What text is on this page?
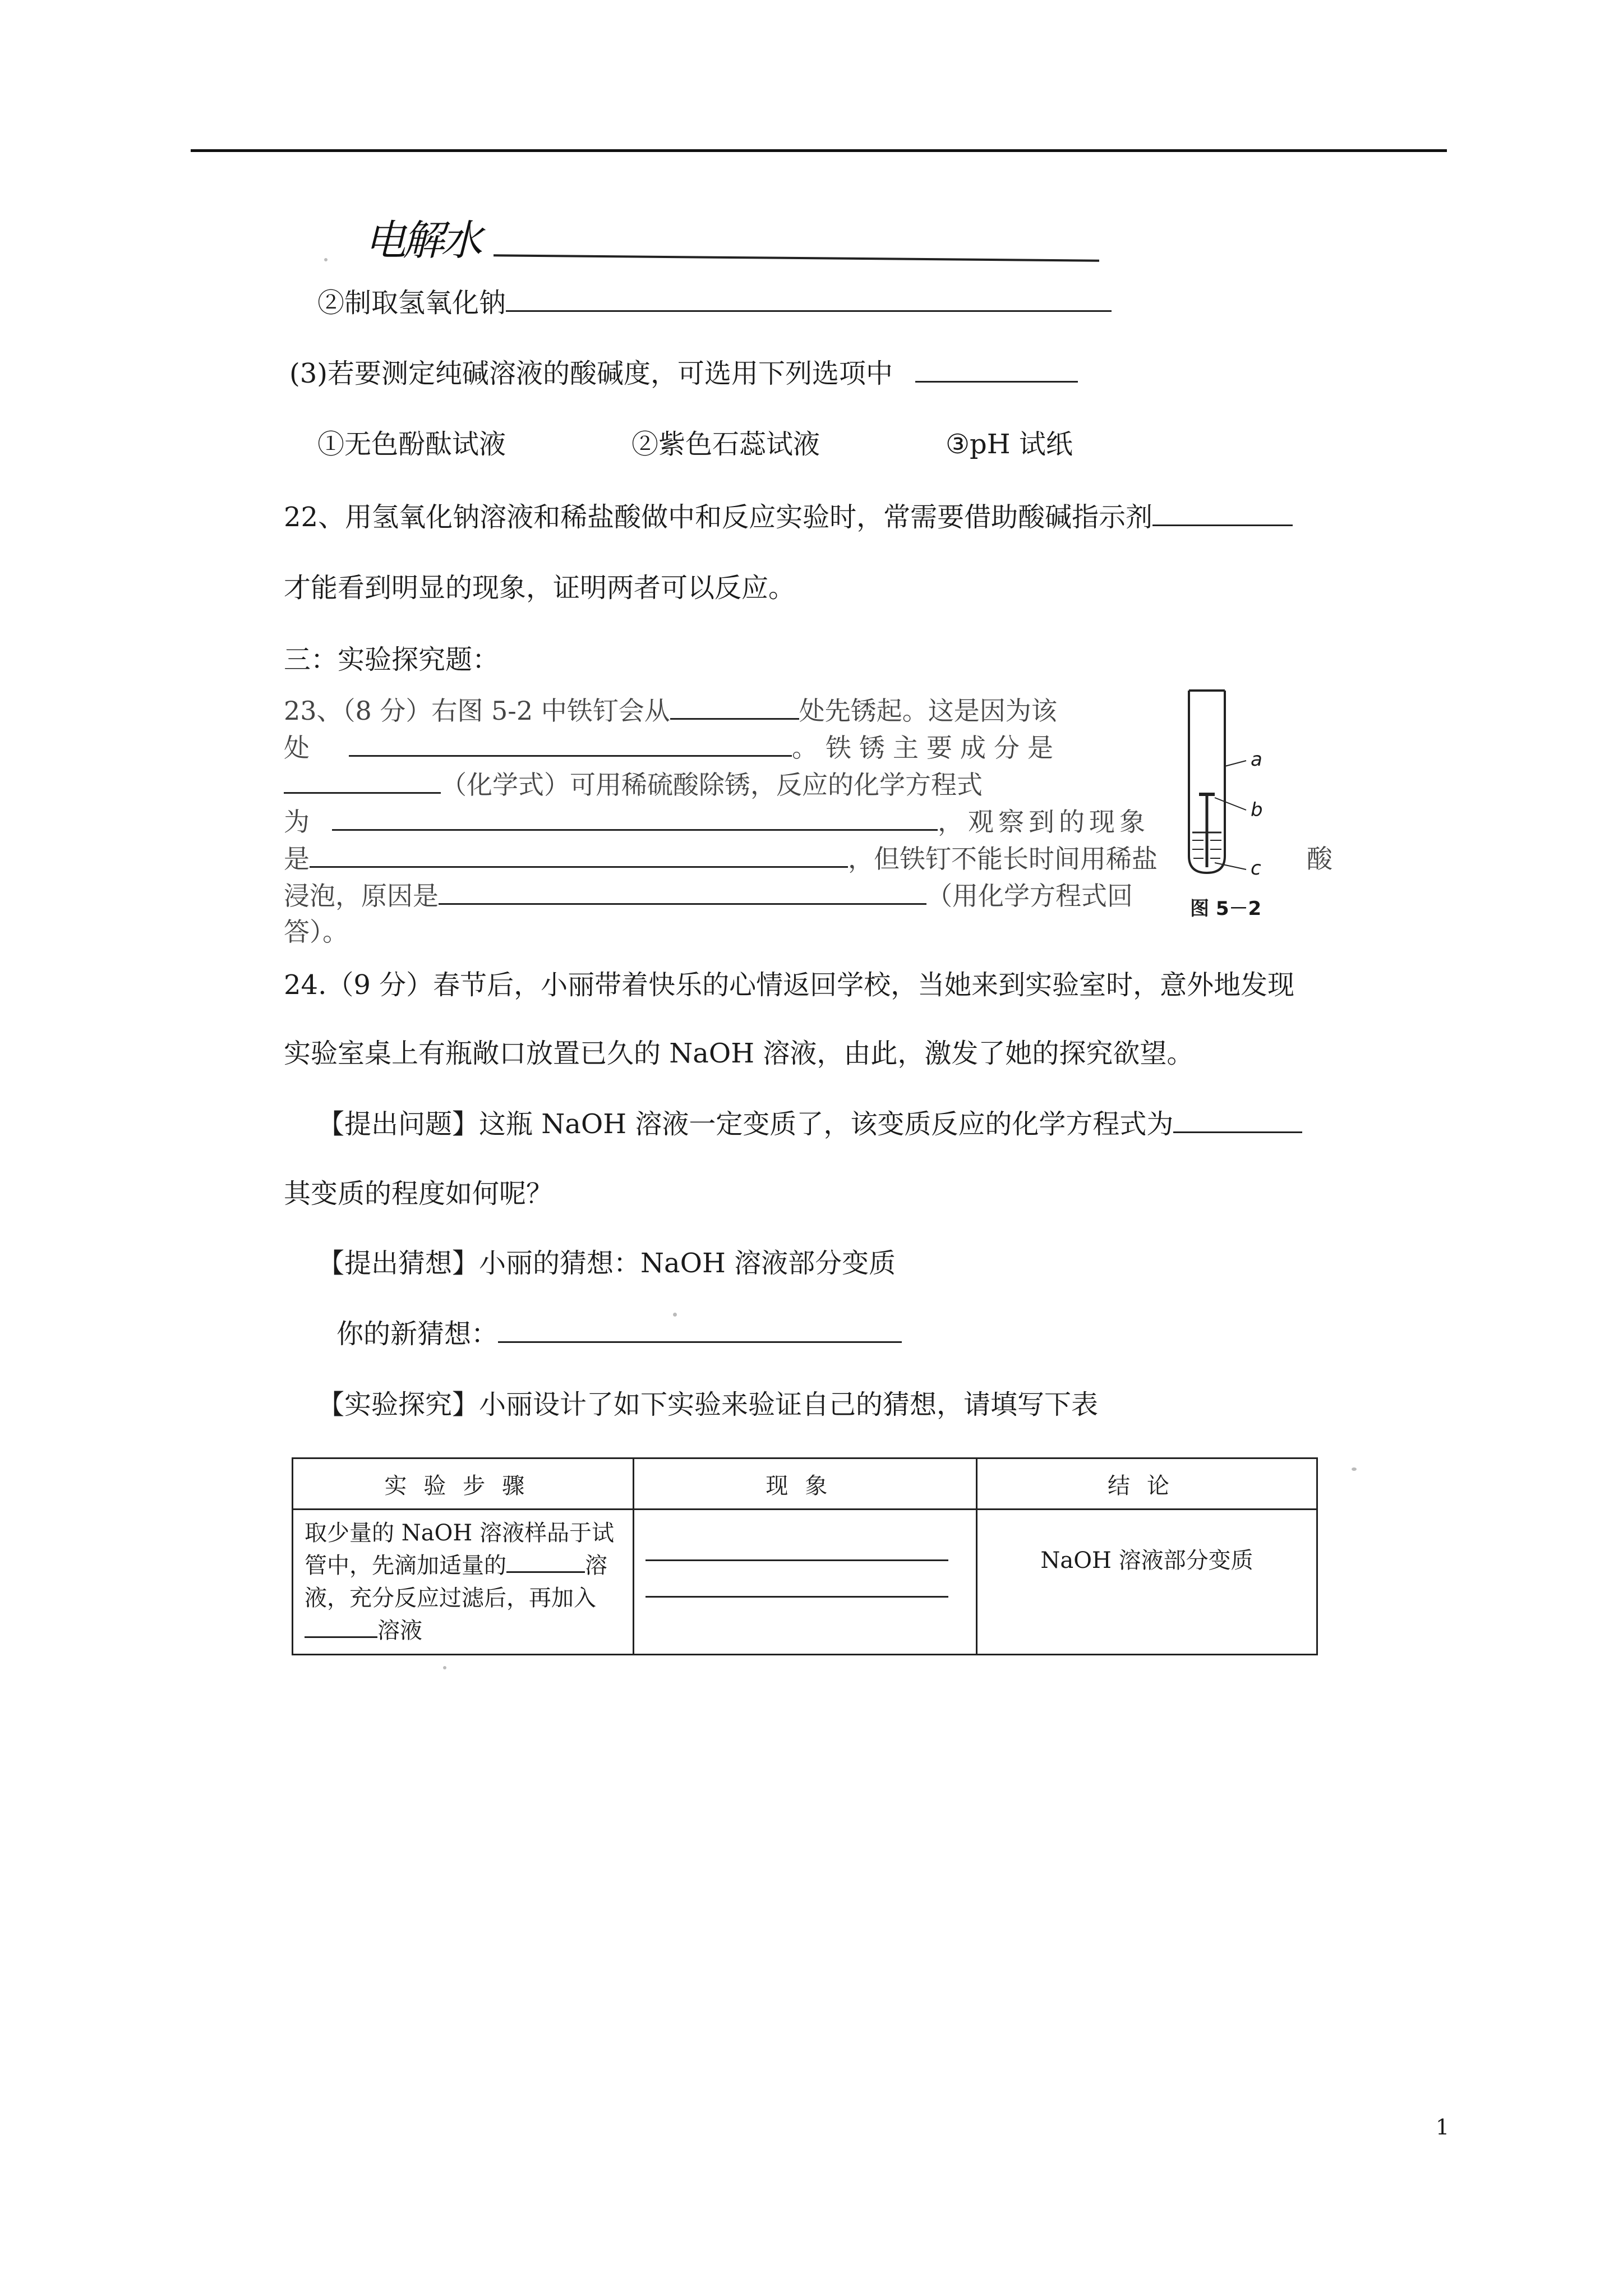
电解水
②制取氢氧化钠
(3)若要测定纯碱溶液的酸碱度，可选用下列选项中
①无色酚酞试液	②紫色石蕊试液	③pH 试纸
22、用氢氧化钠溶液和稀盐酸做中和反应实验时，常需要借助酸碱指示剂
才能看到明显的现象，证明两者可以反应。
三：实验探究题：
23、（8 分）右图 5-2 中铁钉会从	处先锈起。这是因为该
处	。铁锈主要成分是
（化学式）可用稀硫酸除锈，反应的化学方程式
为	，观察到的现象
是	，但铁钉不能长时间用稀盐	酸
浸泡，原因是	（用化学方程式回
答）。
a
b
c
图 5－2
24.（9 分）春节后，小丽带着快乐的心情返回学校，当她来到实验室时，意外地发现
实验室桌上有瓶敞口放置已久的 NaOH 溶液，由此，激发了她的探究欲望。
【提出问题】这瓶 NaOH 溶液一定变质了，该变质反应的化学方程式为
其变质的程度如何呢？
【提出猜想】小丽的猜想：NaOH 溶液部分变质
你的新猜想：
【实验探究】小丽设计了如下实验来验证自己的猜想，请填写下表
实验步骤	现象	结论

取少量的 NaOH 溶液样品于试管中，先滴加适量的 溶液，充分反应过滤后，再加入溶液		NaOH 溶液部分变质
1
